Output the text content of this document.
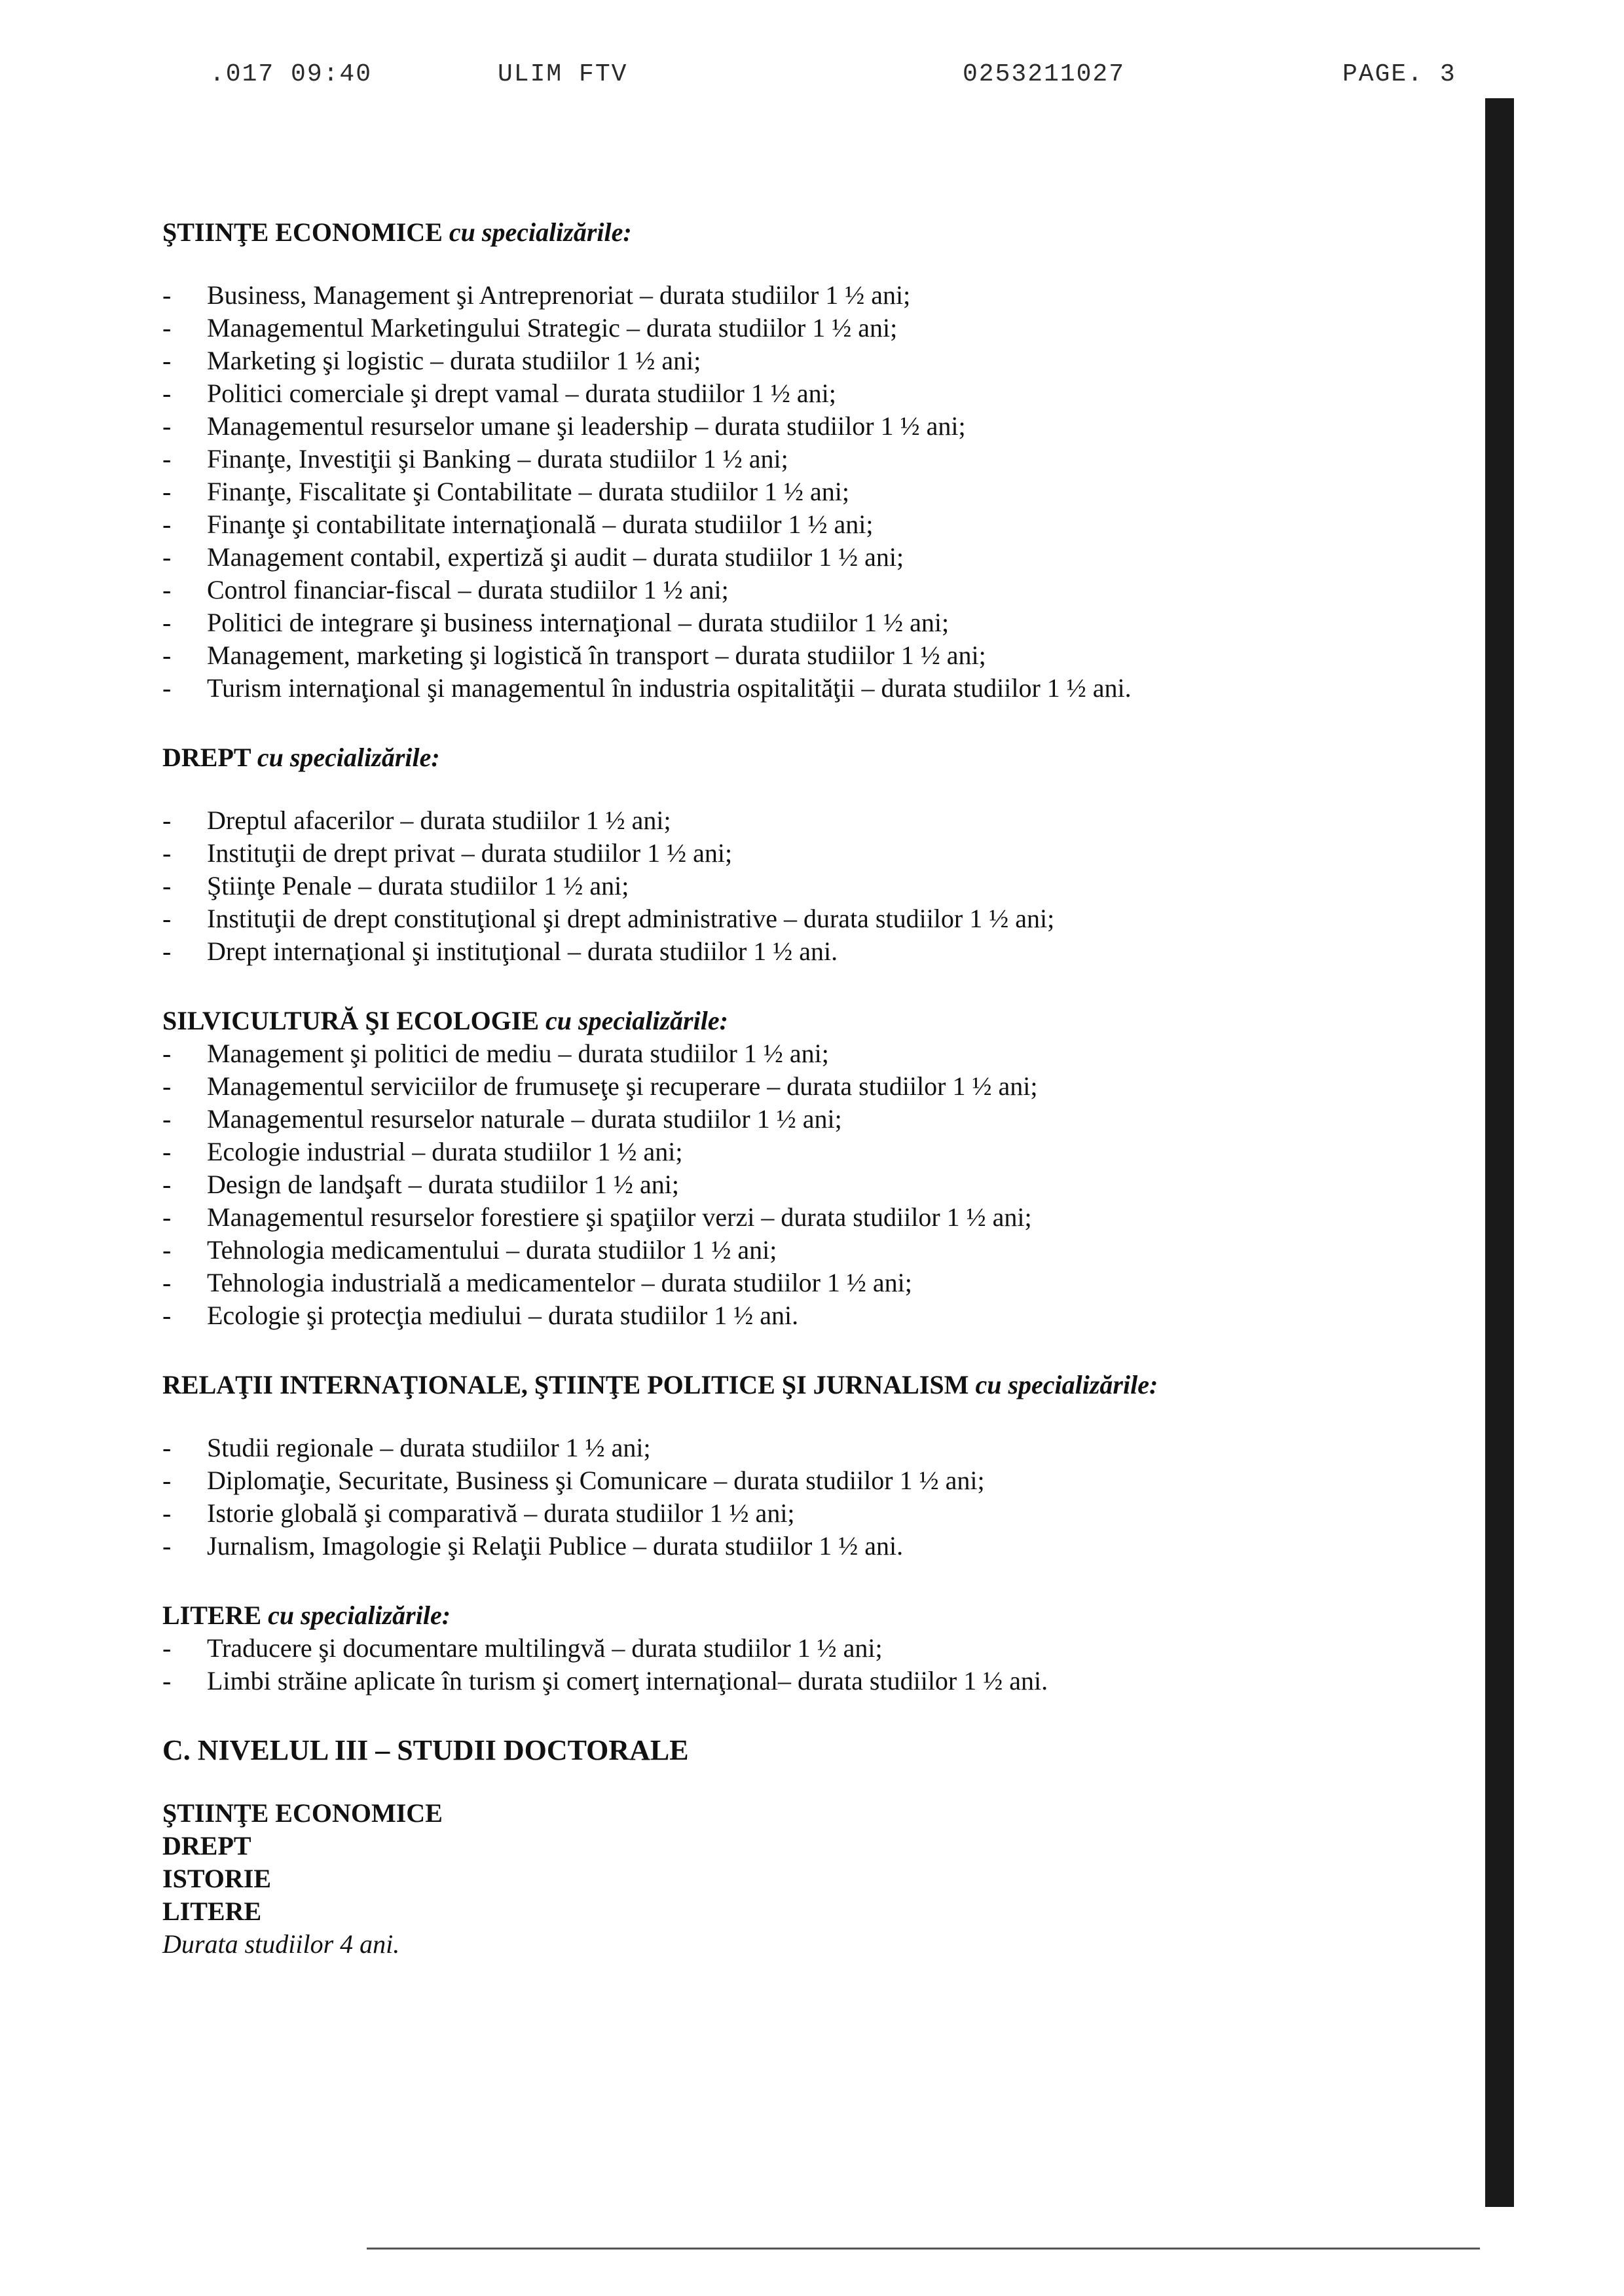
.017 09:40	ULIM FTV	0253211027	PAGE. 3

ŞTIINŢE ECONOMICE cu specializările:

- Business, Management şi Antreprenoriat – durata studiilor 1 ½ ani;
- Managementul Marketingului Strategic – durata studiilor 1 ½ ani;
- Marketing şi logistic – durata studiilor 1 ½ ani;
- Politici comerciale şi drept vamal – durata studiilor 1 ½ ani;
- Managementul resurselor umane şi leadership – durata studiilor 1 ½ ani;
- Finanţe, Investiţii şi Banking – durata studiilor 1 ½ ani;
- Finanţe, Fiscalitate şi Contabilitate – durata studiilor 1 ½ ani;
- Finanţe şi contabilitate internaţională – durata studiilor 1 ½ ani;
- Management contabil, expertiză şi audit – durata studiilor 1 ½ ani;
- Control financiar-fiscal – durata studiilor 1 ½ ani;
- Politici de integrare şi business internaţional – durata studiilor 1 ½ ani;
- Management, marketing şi logistică în transport – durata studiilor 1 ½ ani;
- Turism internaţional şi managementul în industria ospitalităţii – durata studiilor 1 ½ ani.

DREPT cu specializările:

- Dreptul afacerilor – durata studiilor 1 ½ ani;
- Instituţii de drept privat – durata studiilor 1 ½ ani;
- Ştiinţe Penale – durata studiilor 1 ½ ani;
- Instituţii de drept constituţional şi drept administrative – durata studiilor 1 ½ ani;
- Drept internaţional şi instituţional – durata studiilor 1 ½ ani.

SILVICULTURĂ ŞI ECOLOGIE cu specializările:

- Management şi politici de mediu – durata studiilor 1 ½ ani;
- Managementul serviciilor de frumuseţe şi recuperare – durata studiilor 1 ½ ani;
- Managementul resurselor naturale – durata studiilor 1 ½ ani;
- Ecologie industrial – durata studiilor 1 ½ ani;
- Design de landşaft – durata studiilor 1 ½ ani;
- Managementul resurselor forestiere şi spaţiilor verzi – durata studiilor 1 ½ ani;
- Tehnologia medicamentului – durata studiilor 1 ½ ani;
- Tehnologia industrială a medicamentelor – durata studiilor 1 ½ ani;
- Ecologie şi protecţia mediului – durata studiilor 1 ½ ani.

RELAŢII INTERNAŢIONALE, ŞTIINŢE POLITICE ŞI JURNALISM cu specializările:

- Studii regionale – durata studiilor 1 ½ ani;
- Diplomaţie, Securitate, Business şi Comunicare – durata studiilor 1 ½ ani;
- Istorie globală şi comparativă – durata studiilor 1 ½ ani;
- Jurnalism, Imagologie şi Relaţii Publice – durata studiilor 1 ½ ani.

LITERE cu specializările:

- Traducere şi documentare multilingvă – durata studiilor 1 ½ ani;
- Limbi străine aplicate în turism şi comerţ internaţional– durata studiilor 1 ½ ani.

C. NIVELUL III – STUDII DOCTORALE

ŞTIINŢE ECONOMICE
DREPT
ISTORIE
LITERE
Durata studiilor 4 ani.
